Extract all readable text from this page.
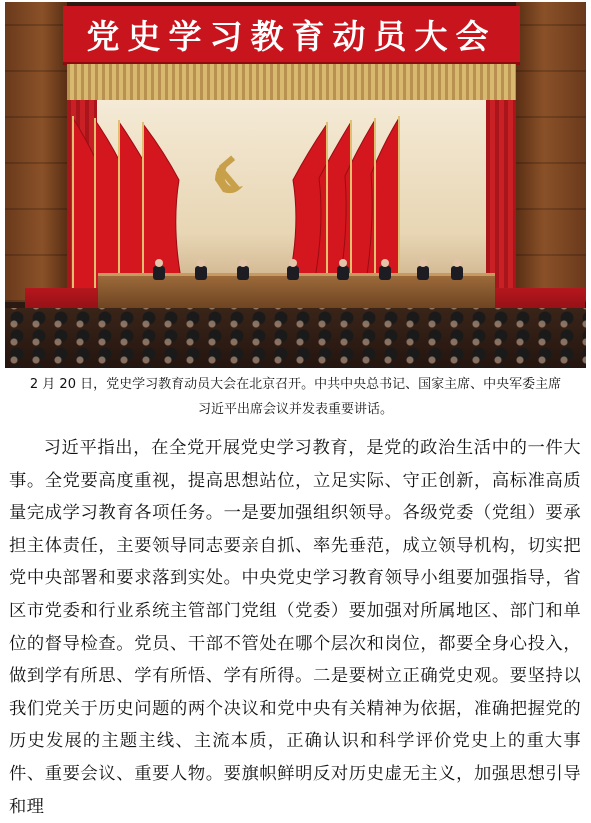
党史学习教育动员大会
2 月 20 日，党史学习教育动员大会在北京召开。中共中央总书记、国家主席、中央军委主席
习近平出席会议并发表重要讲话。

习近平指出，在全党开展党史学习教育，是党的政治生活中的一件大事。全党要高度重视，提高思想站位，立足实际、守正创新，高标准高质量完成学习教育各项任务。一是要加强组织领导。各级党委（党组）要承担主体责任，主要领导同志要亲自抓、率先垂范，成立领导机构，切实把党中央部署和要求落到实处。中央党史学习教育领导小组要加强指导，省区市党委和行业系统主管部门党组（党委）要加强对所属地区、部门和单位的督导检查。党员、干部不管处在哪个层次和岗位，都要全身心投入，做到学有所思、学有所悟、学有所得。二是要树立正确党史观。要坚持以我们党关于历史问题的两个决议和党中央有关精神为依据，准确把握党的历史发展的主题主线、主流本质，正确认识和科学评价党史上的重大事件、重要会议、重要人物。要旗帜鲜明反对历史虚无主义，加强思想引导和理
